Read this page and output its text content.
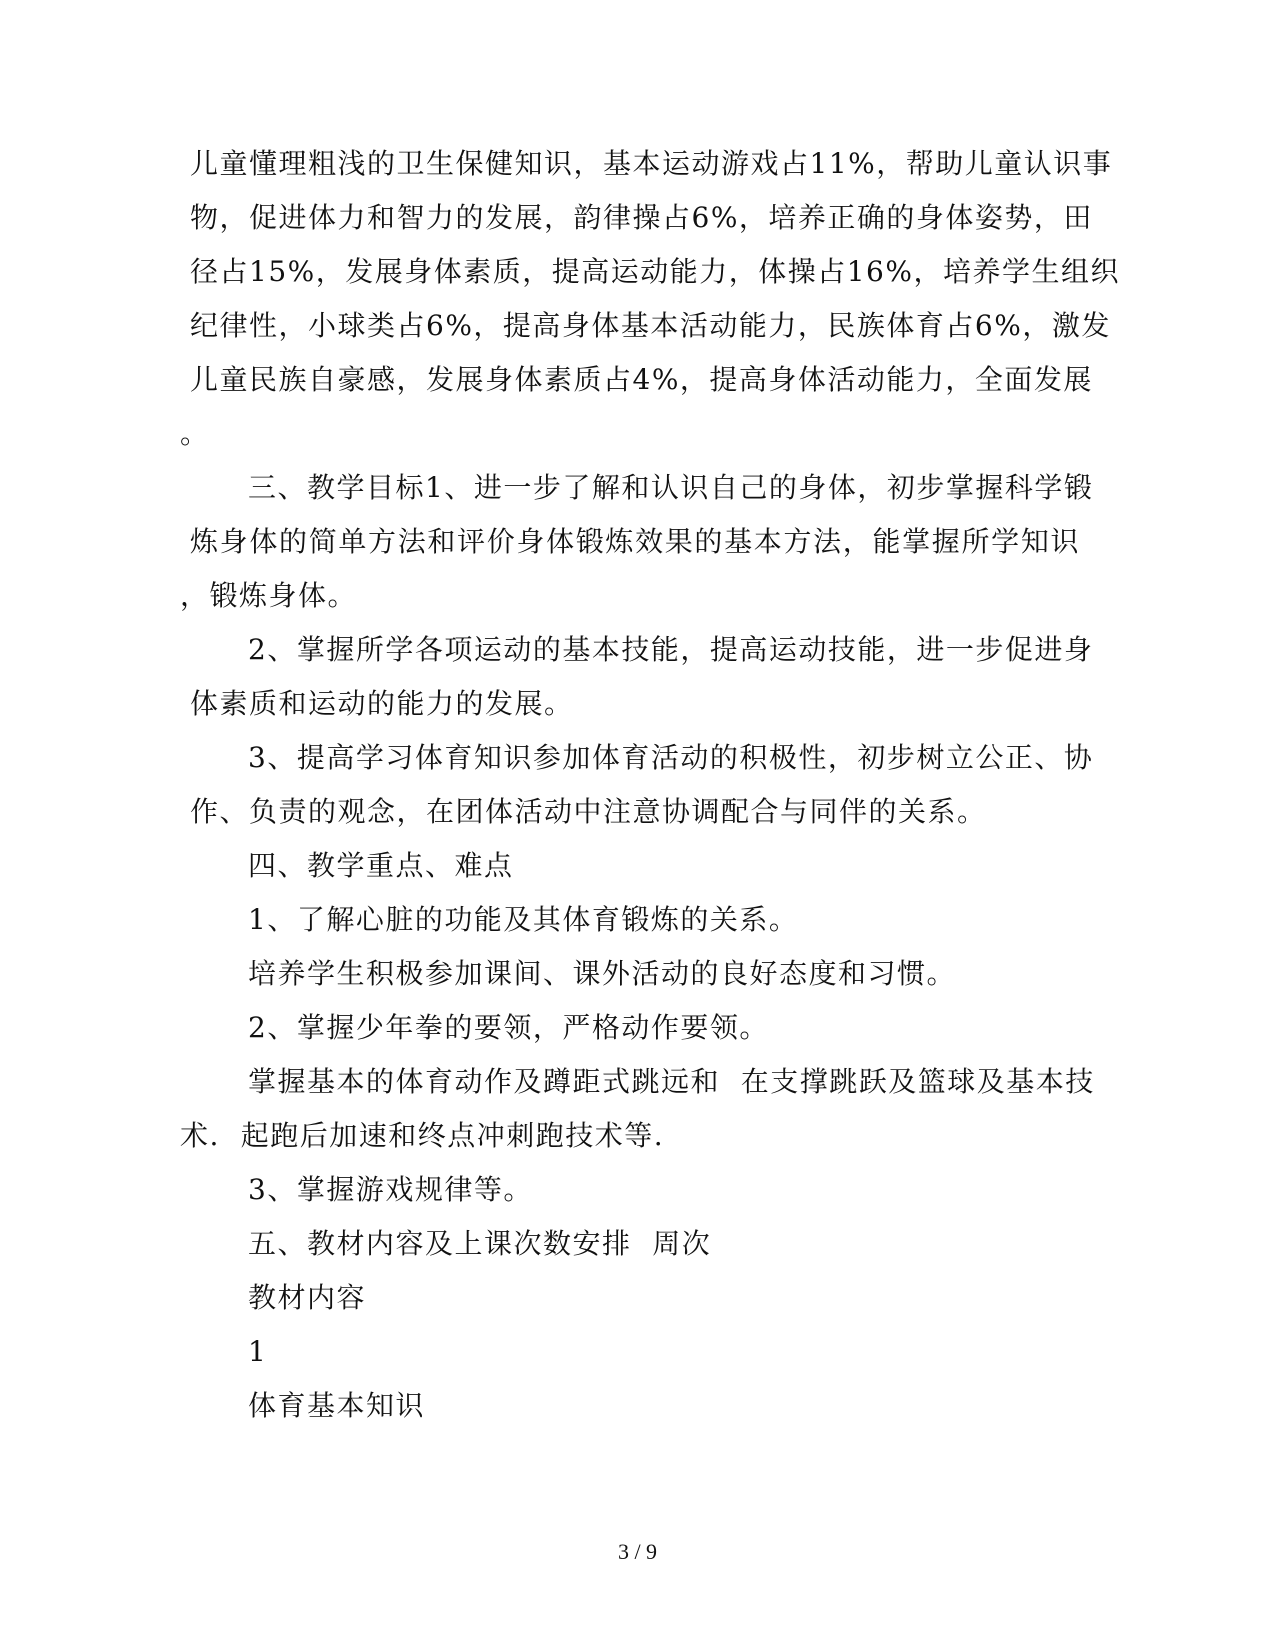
儿童懂理粗浅的卫生保健知识，基本运动游戏占11%，帮助儿童认识事
物，促进体力和智力的发展，韵律操占6%，培养正确的身体姿势，田
径占15%，发展身体素质，提高运动能力，体操占16%，培养学生组织
纪律性，小球类占6%，提高身体基本活动能力，民族体育占6%，激发
儿童民族自豪感，发展身体素质占4%，提高身体活动能力，全面发展
。
三、教学目标1、进一步了解和认识自己的身体，初步掌握科学锻
炼身体的简单方法和评价身体锻炼效果的基本方法，能掌握所学知识
，锻炼身体。
2、掌握所学各项运动的基本技能，提高运动技能，进一步促进身
体素质和运动的能力的发展。
3、提高学习体育知识参加体育活动的积极性，初步树立公正、协
作、负责的观念，在团体活动中注意协调配合与同伴的关系。
四、教学重点、难点
1、了解心脏的功能及其体育锻炼的关系。
培养学生积极参加课间、课外活动的良好态度和习惯。
2、掌握少年拳的要领，严格动作要领。
掌握基本的体育动作及蹲距式跳远和  在支撑跳跃及篮球及基本技
术.  起跑后加速和终点冲刺跑技术等.
3、掌握游戏规律等。
五、教材内容及上课次数安排  周次
教材内容
1
体育基本知识
3 / 9
